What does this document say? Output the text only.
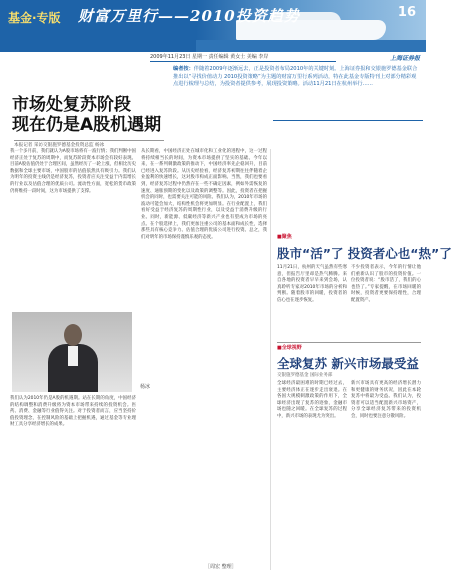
基金·专版 财富万里行——2010投资趋势	16
2009年11月23日 星期一 责任编辑 黄女士 美编 李岸	上海证券报
编者按：伴随着2009年逐渐远去，正是投资者布局2010年的关键时刻。上海证券报和交银施罗德基金联合推出以“寻找价值动力 2010投资策略”为主题的财富万里行系列活动，特在此基金专版特刊上对部分精彩观点进行梳理与总结，为投资者提供参考，展现投资策略。活动11月21日在杭州举行……
市场处复苏阶段
现在仍是A股机遇期
本报记者 采访交银施罗德基金投资总监 杨冰
我一个多月前，我们就认为A股市场将有一波行情；我们判断中国经济正处于复苏的周期中，而复苏阶段资本市场会有较好表现。目前A股估值仍处于合理区间，虽然经历了一轮上涨，但相比历史数据和全球主要市场，中国股市的估值依然具有吸引力。我们认为明年的投资主线仍是经济复苏，投资者应关注受益于内需增长的行业以及估值合理的优质公司。流动性方面，宽松的货币政策仍将维持一段时间，这为市场提供了支撑。
我们认为2010年仍是A股的机遇期。站在长期的角度，中国经济的结构调整和消费升级将为资本市场带来持续的投资机会。医药、消费、金融等行业值得关注。对于投资者而言，应当坚持价值投资理念，在控制风险的基础上把握机遇，通过基金等专业理财工具分享经济增长的成果。
从长期看，中国经济正处在城市化和工业化的进程中，这一过程将持续相当长的时间，为资本市场提供了坚实的基础。今年以来，在一系列刺激政策的推动下，中国经济率先企稳回升，目前已经进入复苏阶段。从历史经验看，经济复苏初期往往伴随着企业盈利的快速增长，这对股市构成正面影响。当然，我们也要看到，经济复苏过程中仍然存在一些不确定因素，例如外需恢复的速度、通胀预期的变化以及政策的调整等。因此，投资者在把握机会的同时，也需要关注可能的风险。我们认为，2010年市场的波动可能会加大，结构性机会将更加明显。在行业配置上，我们看好受益于经济复苏的周期性行业，以及受益于消费升级的行业。同时，新能源、低碳经济等新兴产业也有望成为市场的亮点。在个股选择上，我们更加注重公司的基本面和成长性，选择那些具有核心竞争力、估值合理的优质公司进行投资。总之，我们对明年的市场保持谨慎乐观的态度。
杨冰
［周宏 整理］
■聚焦
股市“活”了 投资者心也“热”了
11月21日，杭州的天气虽然有些寒意，但报告厅里却是热气腾腾。来自各地的投资者早早来到会场，认真聆听专家对2010年市场的分析和判断。随着股市的回暖，投资者的信心也在逐步恢复。
不少投资者表示，今年的行情让他们重新认识了股市的投资价值。一位投资者说：“股市活了，我们的心也热了。”专家提醒，在市场回暖的时候，投资者更要保持理性，合理配置资产。
■全球视野
全球复苏 新兴市场最受益
交银施罗德基金 国际业务部
全球经济最困难的时期已经过去，主要经济体正在逐步走出衰退。在各国大规模刺激政策的作用下，全球经济出现了复苏的迹象，金融市场也随之回暖。在全球复苏的过程中，新兴市场的表现尤为突出。
新兴市场具有更高的经济增长潜力和更健康的财务状况，因此在本轮复苏中将最为受益。我们认为，投资者可以适当配置新兴市场资产，分享全球经济复苏带来的投资机会，同时也要注意分散风险。
